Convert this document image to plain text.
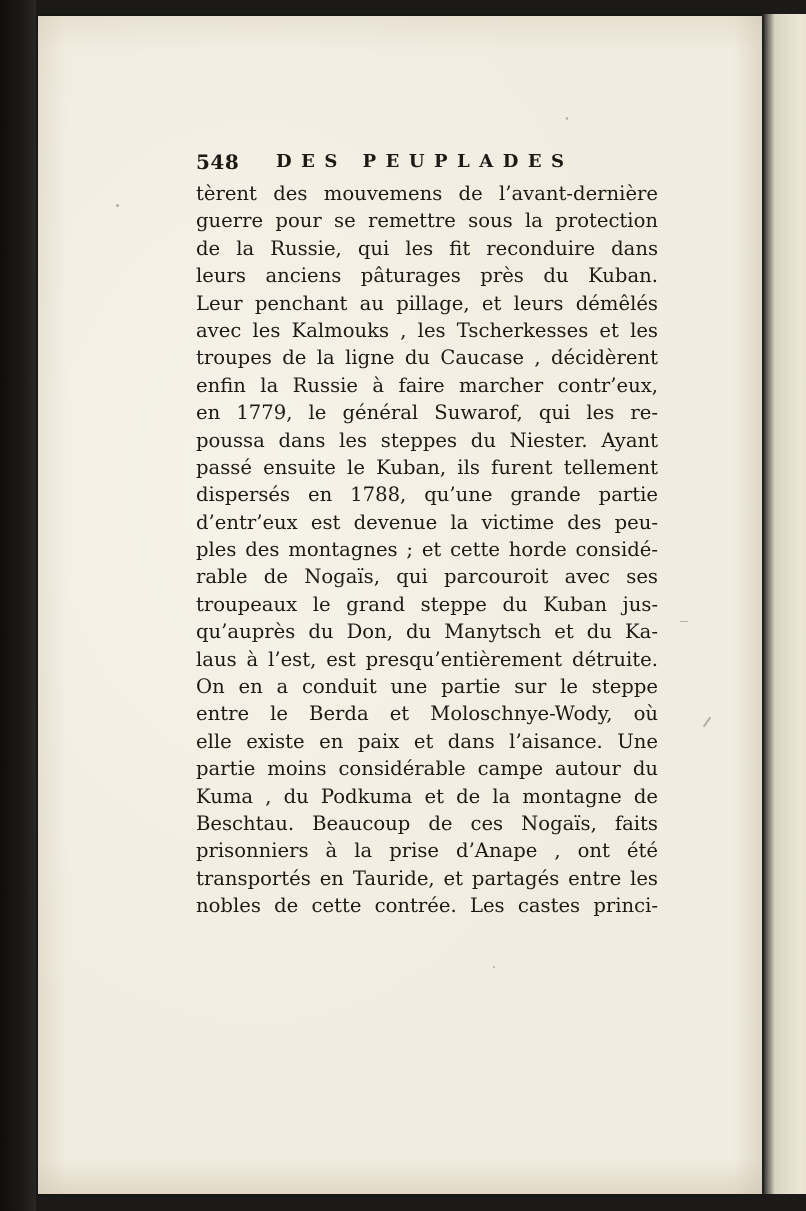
548 DES PEUPLADES
tèrent des mouvemens de l’avant-dernière
guerre pour se remettre sous la protection
de la Russie, qui les fit reconduire dans
leurs anciens pâturages près du Kuban.
Leur penchant au pillage, et leurs démêlés
avec les Kalmouks , les Tscherkesses et les
troupes de la ligne du Caucase , décidèrent
enfin la Russie à faire marcher contr’eux,
en 1779, le général Suwarof, qui les re-
poussa dans les steppes du Niester. Ayant
passé ensuite le Kuban, ils furent tellement
dispersés en 1788, qu’une grande partie
d’entr’eux est devenue la victime des peu-
ples des montagnes ; et cette horde considé-
rable de Nogaïs, qui parcouroit avec ses
troupeaux le grand steppe du Kuban jus-
qu’auprès du Don, du Manytsch et du Ka-
laus à l’est, est presqu’entièrement détruite.
On en a conduit une partie sur le steppe
entre le Berda et Moloschnye-Wody, où
elle existe en paix et dans l’aisance. Une
partie moins considérable campe autour du
Kuma , du Podkuma et de la montagne de
Beschtau. Beaucoup de ces Nogaïs, faits
prisonniers à la prise d’Anape , ont été
transportés en Tauride, et partagés entre les
nobles de cette contrée. Les castes princi-
